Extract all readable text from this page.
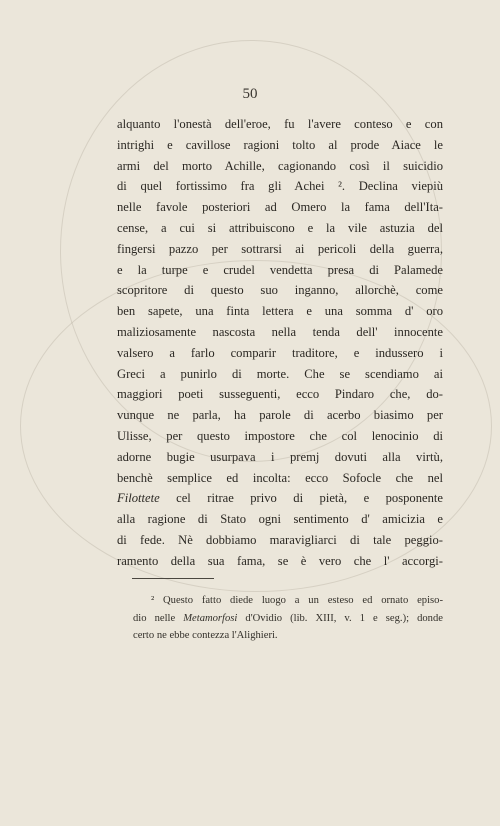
50
alquanto l'onestà dell'eroe, fu l'avere conteso e con
intrighi e cavillose ragioni tolto al prode Aiace le
armi del morto Achille, cagionando così il suicidio
di quel fortissimo fra gli Achei ². Declina viepiù
nelle favole posteriori ad Omero la fama dell'Ita-
cense, a cui si attribuiscono e la vile astuzia del
fingersi pazzo per sottrarsi ai pericoli della guerra,
e la turpe e crudel vendetta presa di Palamede
scopritore di questo suo inganno, allorchè, come
ben sapete, una finta lettera e una somma d' oro
maliziosamente nascosta nella tenda dell' innocente
valsero a farlo comparir traditore, e indussero i
Greci a punirlo di morte. Che se scendiamo ai
maggiori poeti susseguenti, ecco Pindaro che, do-
vunque ne parla, ha parole di acerbo biasimo per
Ulisse, per questo impostore che col lenocinio di
adorne bugie usurpava i premj dovuti alla virtù,
benchè semplice ed incolta: ecco Sofocle che nel
Filottete cel ritrae privo di pietà, e posponente
alla ragione di Stato ogni sentimento d' amicizia e
di fede. Nè dobbiamo maravigliarci di tale peggio-
ramento della sua fama, se è vero che l' accorgi-
² Questo fatto diede luogo a un esteso ed ornato episo-
dio nelle Metamorfosi d'Ovidio (lib. XIII, v. 1 e seg.); donde
certo ne ebbe contezza l'Alighieri.
